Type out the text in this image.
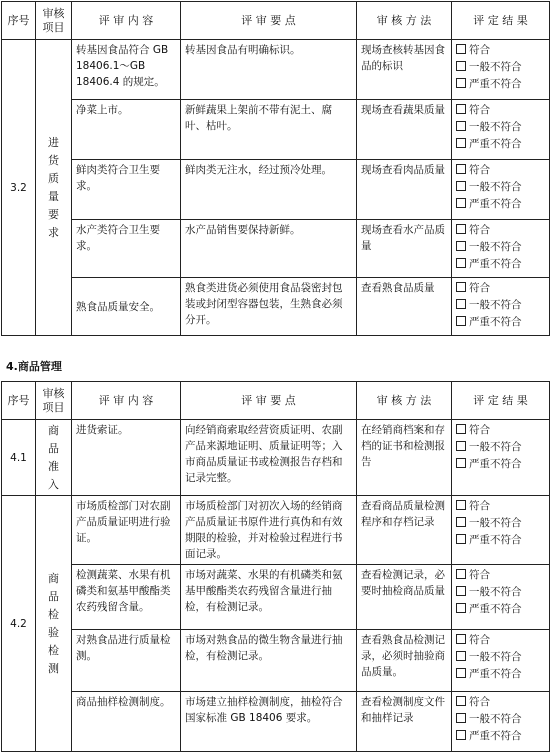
序号	审核项目	评 审 内 容	评 审 要 点	审 核 方 法	评 定 结 果
3.2	进货质量要求	转基因食品符合 GB 18406.1～GB 18406.4 的规定。	转基因食品有明确标识。	现场查核转基因食品的标识	符合
一般不符合
严重不符合

		净菜上市。	新鲜蔬果上架前不带有泥土、腐叶、枯叶。	现场查看蔬果质量	符合
一般不符合
严重不符合

		鲜肉类符合卫生要求。	鲜肉类无注水，经过预冷处理。	现场查看肉品质量	符合
一般不符合
严重不符合

		水产类符合卫生要求。	水产品销售要保持新鲜。	现场查看水产品质量	符合
一般不符合
严重不符合

		熟食品质量安全。	熟食类进货必须使用食品袋密封包装或封闭型容器包装，生熟食必须分开。	查看熟食品质量	符合
一般不符合
严重不符合
4.商品管理
序号	审核项目	评 审 内 容	评 审 要 点	审 核 方 法	评 定 结 果
4.1	商品准入	进货索证。	向经销商索取经营资质证明、农副产品来源地证明、质量证明等；入市商品质量证书或检测报告存档和记录完整。	在经销商档案和存档的证书和检测报告	符合
一般不符合
严重不符合

4.2	商品检验检测	市场质检部门对农副产品质量证明进行验证。	市场质检部门对初次入场的经销商产品质量证书原件进行真伪和有效期限的检验，并对检验过程进行书面记录。	查看商品质量检测程序和存档记录	符合
一般不符合
严重不符合

		检测蔬菜、水果有机磷类和氨基甲酸酯类农药残留含量。	市场对蔬菜、水果的有机磷类和氨基甲酸酯类农药残留含量进行抽检，有检测记录。	查看检测记录，必要时抽检商品质量	符合
一般不符合
严重不符合

		对熟食品进行质量检测。	市场对熟食品的微生物含量进行抽检，有检测记录。	查看熟食品检测记录，必须时抽验商品质量。	符合
一般不符合
严重不符合

		商品抽样检测制度。	市场建立抽样检测制度，抽检符合国家标准 GB 18406 要求。	查看检测制度文件和抽样记录	符合
一般不符合
严重不符合
